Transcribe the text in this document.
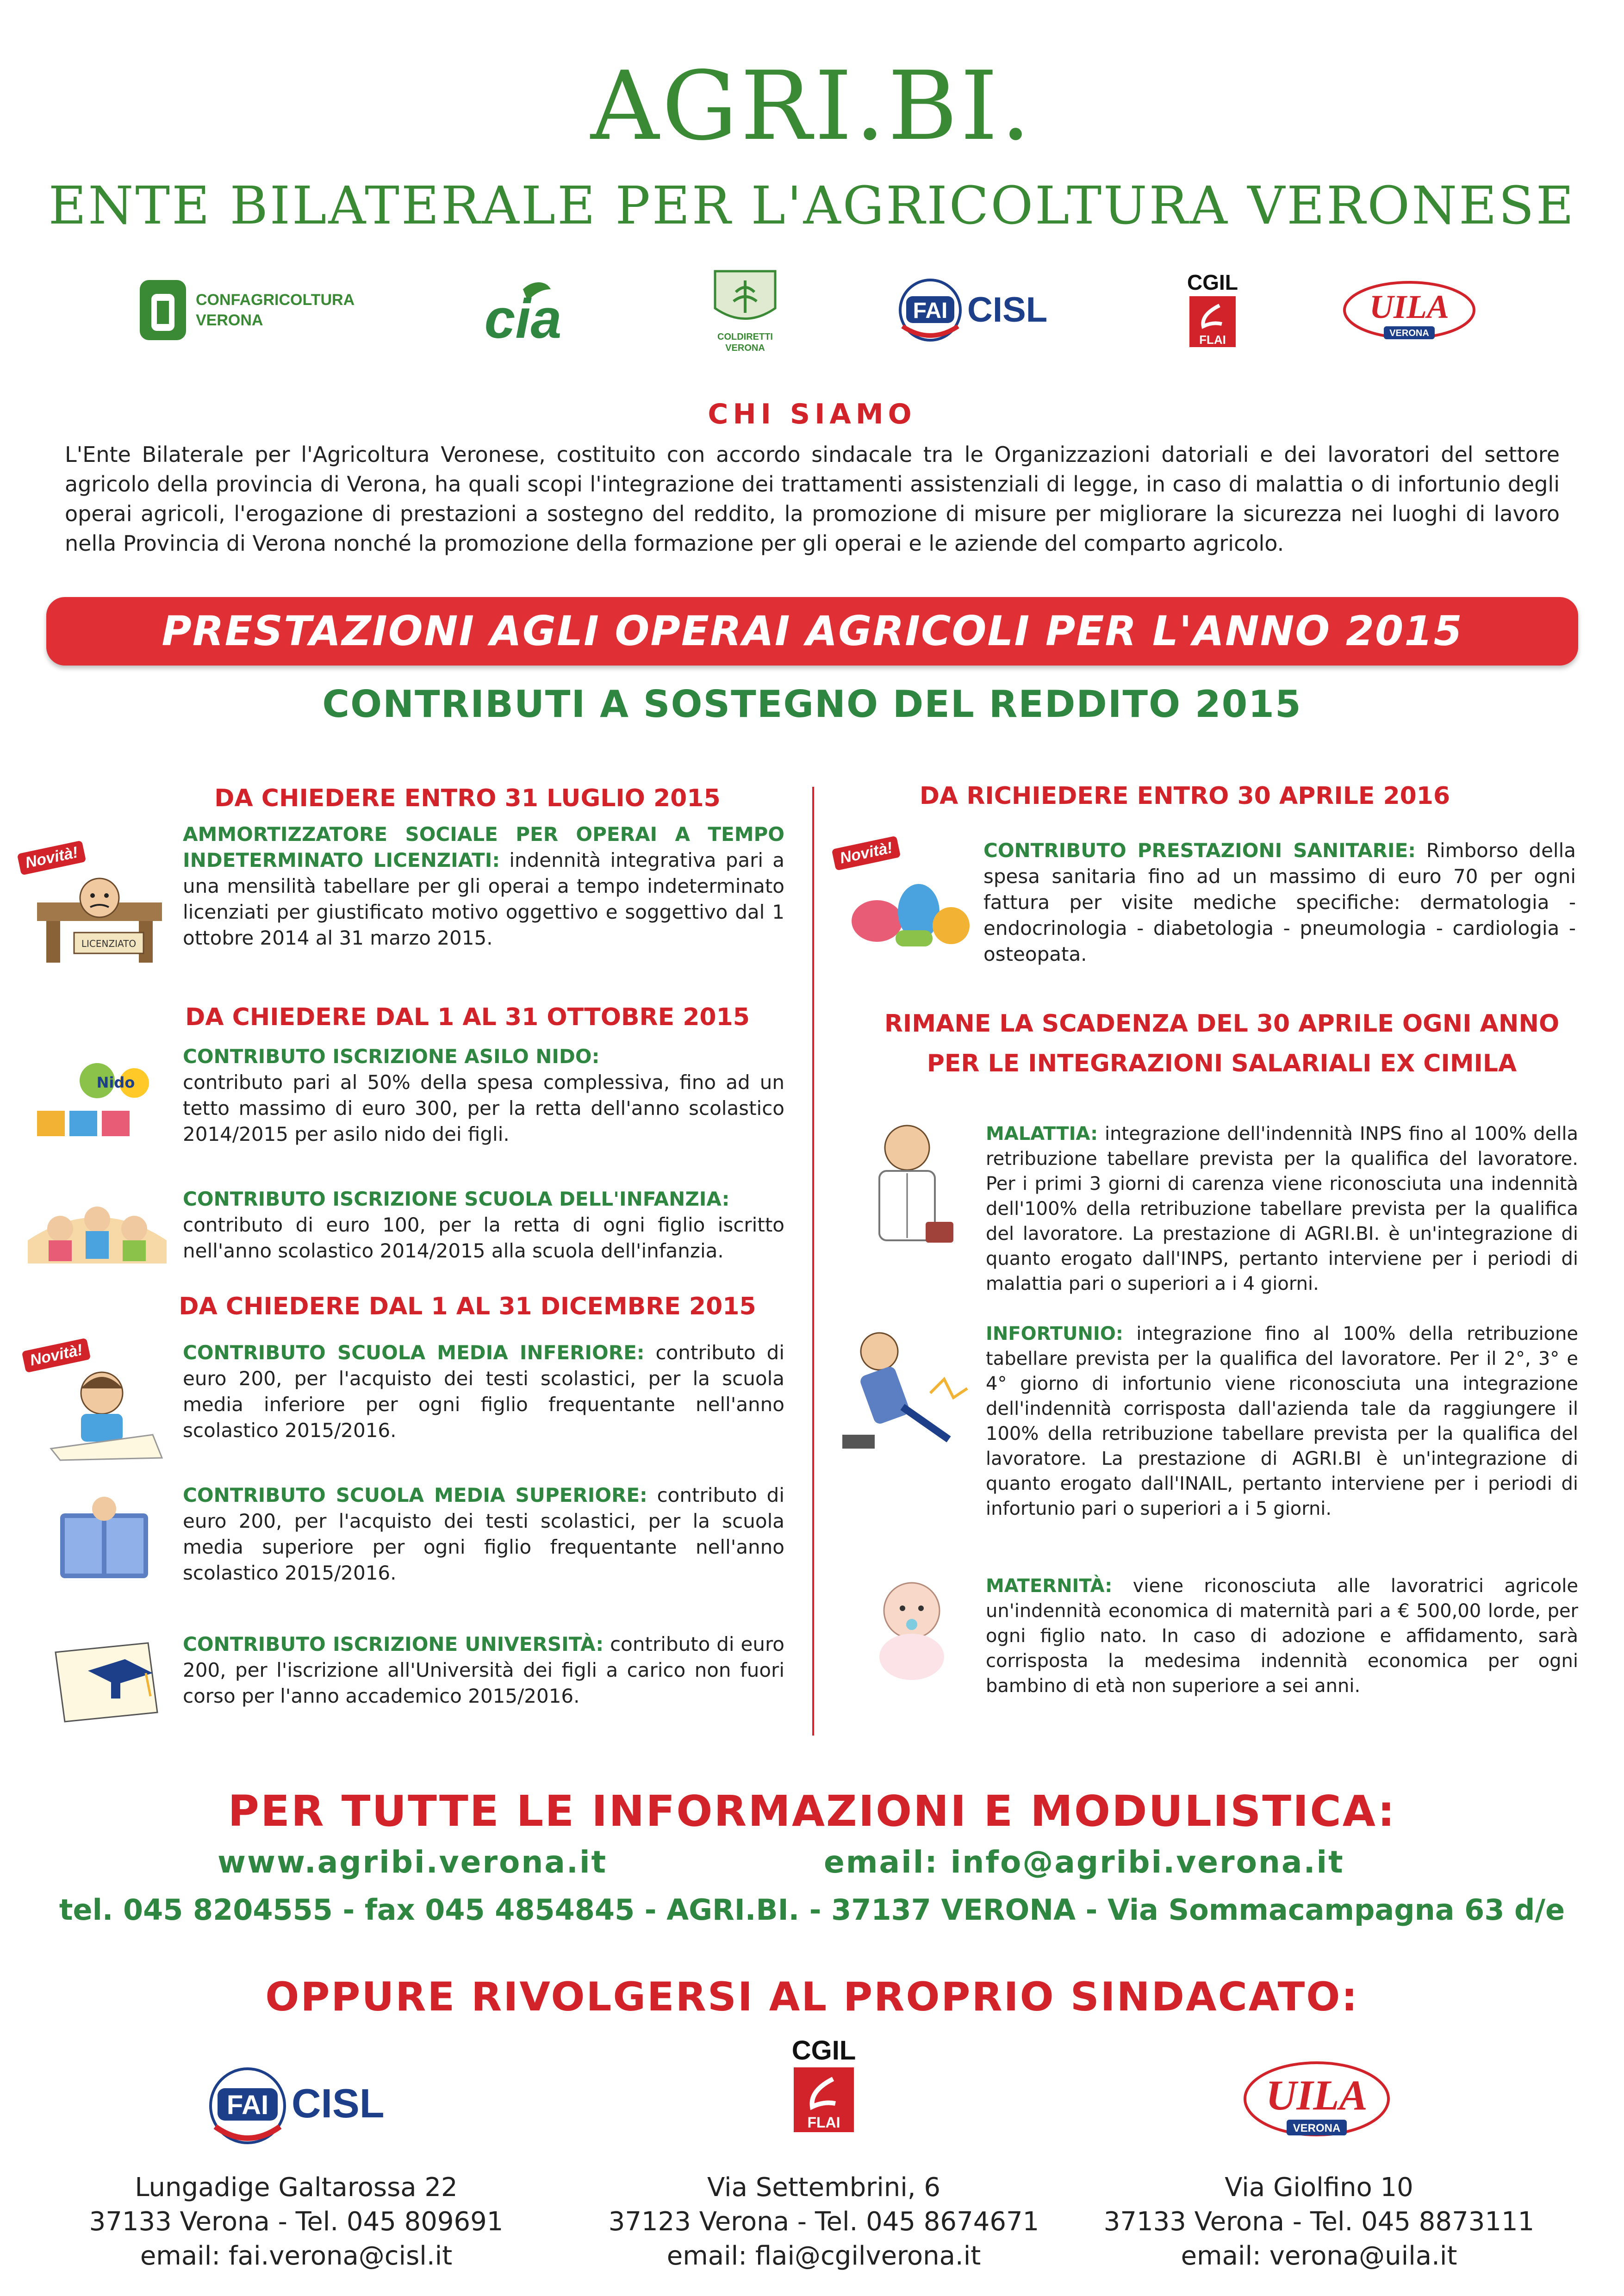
AGRI.BI.
ENTE BILATERALE PER L'AGRICOLTURA VERONESE
CONFAGRICOLTURA VERONA	cia	COLDIRETTI VERONA
FAI CISL
CGIL
FLAI
UILA
VERONA
CHI SIAMO
L'Ente Bilaterale per l'Agricoltura Veronese, costituito con accordo sindacale tra le Organizzazioni datoriali e dei lavoratori del settore agricolo della provincia di Verona, ha quali scopi l'integrazione dei trattamenti assistenziali di legge, in caso di malattia o di infortunio degli operai agricoli, l'erogazione di prestazioni a sostegno del reddito, la promozione di misure per migliorare la sicurezza nei luoghi di lavoro nella Provincia di Verona nonché la promozione della formazione per gli operai e le aziende del comparto agricolo.
PRESTAZIONI AGLI OPERAI AGRICOLI PER L'ANNO 2015
CONTRIBUTI A SOSTEGNO DEL REDDITO 2015
DA CHIEDERE ENTRO 31 LUGLIO 2015
Novità!
LICENZIATO
AMMORTIZZATORE SOCIALE PER OPERAI A TEMPO INDETERMINATO LICENZIATI: indennità integrativa pari a una mensilità tabellare per gli operai a tempo indeterminato licenziati per giustificato motivo oggettivo e soggettivo dal 1 ottobre 2014 al 31 marzo 2015.
DA CHIEDERE DAL 1 AL 31 OTTOBRE 2015
Nido
CONTRIBUTO ISCRIZIONE ASILO NIDO:
contributo pari al 50% della spesa complessiva, fino ad un tetto massimo di euro 300, per la retta dell'anno scolastico 2014/2015 per asilo nido dei figli.
CONTRIBUTO ISCRIZIONE SCUOLA DELL'INFANZIA:
contributo di euro 100, per la retta di ogni figlio iscritto nell'anno scolastico 2014/2015 alla scuola dell'infanzia.
DA CHIEDERE DAL 1 AL 31 DICEMBRE 2015
Novità!	CONTRIBUTO SCUOLA MEDIA INFERIORE: contributo di euro 200, per l'acquisto dei testi scolastici, per la scuola media inferiore per ogni figlio frequentante nell'anno scolastico 2015/2016.
CONTRIBUTO SCUOLA MEDIA SUPERIORE: contributo di euro 200, per l'acquisto dei testi scolastici, per la scuola media superiore per ogni figlio frequentante nell'anno scolastico 2015/2016.
CONTRIBUTO ISCRIZIONE UNIVERSITÀ: contributo di euro 200, per l'iscrizione all'Università dei figli a carico non fuori corso per l'anno accademico 2015/2016.
DA RICHIEDERE ENTRO 30 APRILE 2016
Novità!	CONTRIBUTO PRESTAZIONI SANITARIE: Rimborso della spesa sanitaria fino ad un massimo di euro 70 per ogni fattura per visite mediche specifiche: dermatologia - endocrinologia - diabetologia - pneumologia - cardiologia - osteopata.
RIMANE LA SCADENZA DEL 30 APRILE OGNI ANNO
PER LE INTEGRAZIONI SALARIALI EX CIMILA
MALATTIA: integrazione dell'indennità INPS fino al 100% della retribuzione tabellare prevista per la qualifica del lavoratore. Per i primi 3 giorni di carenza viene riconosciuta una indennità dell'100% della retribuzione tabellare prevista per la qualifica del lavoratore. La prestazione di AGRI.BI. è un'integrazione di quanto erogato dall'INPS, pertanto interviene per i periodi di malattia pari o superiori a i 4 giorni.
INFORTUNIO: integrazione fino al 100% della retribuzione tabellare prevista per la qualifica del lavoratore. Per il 2°, 3° e 4° giorno di infortunio viene riconosciuta una integrazione dell'indennità corrisposta dall'azienda tale da raggiungere il 100% della retribuzione tabellare prevista per la qualifica del lavoratore. La prestazione di AGRI.BI è un'integrazione di quanto erogato dall'INAIL, pertanto interviene per i periodi di infortunio pari o superiori a i 5 giorni.
MATERNITÀ: viene riconosciuta alle lavoratrici agricole un'indennità economica di maternità pari a € 500,00 lorde, per ogni figlio nato. In caso di adozione e affidamento, sarà corrisposta la medesima indennità economica per ogni bambino di età non superiore a sei anni.
PER TUTTE LE INFORMAZIONI E MODULISTICA:
www.agribi.verona.it	email: info@agribi.verona.it
tel. 045 8204555 - fax 045 4854845 - AGRI.BI. - 37137 VERONA - Via Sommacampagna 63 d/e
OPPURE RIVOLGERSI AL PROPRIO SINDACATO:
FAI CISL
CGIL
FLAI
UILA
VERONA
Lungadige Galtarossa 22
37133 Verona - Tel. 045 809691
email: fai.verona@cisl.it
Via Settembrini, 6
37123 Verona - Tel. 045 8674671
email: flai@cgilverona.it
Via Giolfino 10
37133 Verona - Tel. 045 8873111
email: verona@uila.it
